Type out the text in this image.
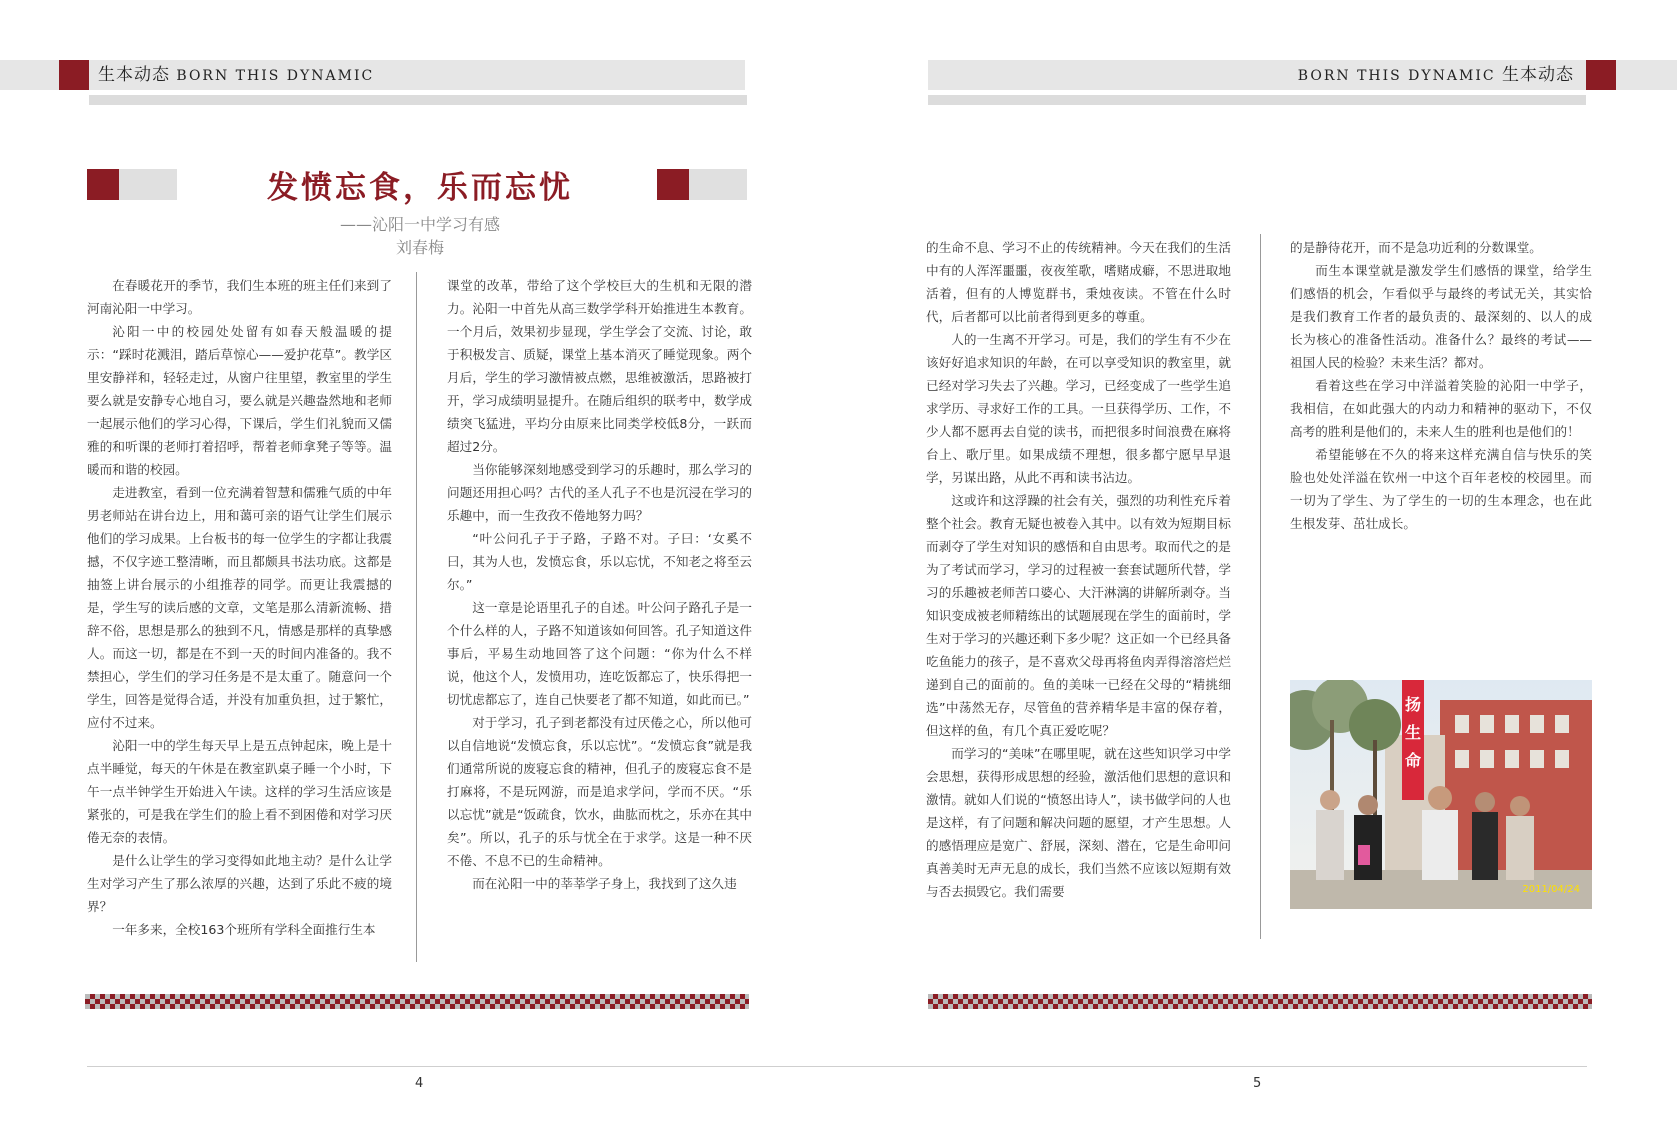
生本动态 BORN THIS DYNAMIC	BORN THIS DYNAMIC 生本动态
发愤忘食，乐而忘忧
——沁阳一中学习有感
刘春梅

在春暖花开的季节，我们生本班的班主任们来到了河南沁阳一中学习。

沁阳一中的校园处处留有如春天般温暖的提示：“踩时花溅泪，踏后草惊心——爱护花草”。教学区里安静祥和，轻轻走过，从窗户往里望，教室里的学生要么就是安静专心地自习，要么就是兴趣盎然地和老师一起展示他们的学习心得，下课后，学生们礼貌而又儒雅的和听课的老师打着招呼，帮着老师拿凳子等等。温暖而和谐的校园。

走进教室，看到一位充满着智慧和儒雅气质的中年男老师站在讲台边上，用和蔼可亲的语气让学生们展示他们的学习成果。上台板书的每一位学生的字都让我震撼，不仅字迹工整清晰，而且都颇具书法功底。这都是抽签上讲台展示的小组推荐的同学。而更让我震撼的是，学生写的读后感的文章，文笔是那么清新流畅、措辞不俗，思想是那么的独到不凡，情感是那样的真挚感人。而这一切，都是在不到一天的时间内准备的。我不禁担心，学生们的学习任务是不是太重了。随意问一个学生，回答是觉得合适，并没有加重负担，过于繁忙，应付不过来。

沁阳一中的学生每天早上是五点钟起床，晚上是十点半睡觉，每天的午休是在教室趴桌子睡一个小时，下午一点半钟学生开始进入午读。这样的学习生活应该是紧张的，可是我在学生们的脸上看不到困倦和对学习厌倦无奈的表情。

是什么让学生的学习变得如此地主动？是什么让学生对学习产生了那么浓厚的兴趣，达到了乐此不疲的境界？

一年多来，全校163个班所有学科全面推行生本

课堂的改革，带给了这个学校巨大的生机和无限的潜力。沁阳一中首先从高三数学学科开始推进生本教育。一个月后，效果初步显现，学生学会了交流、讨论，敢于积极发言、质疑，课堂上基本消灭了睡觉现象。两个月后，学生的学习激情被点燃，思维被激活，思路被打开，学习成绩明显提升。在随后组织的联考中，数学成绩突飞猛进，平均分由原来比同类学校低8分，一跃而超过2分。

当你能够深刻地感受到学习的乐趣时，那么学习的问题还用担心吗？古代的圣人孔子不也是沉浸在学习的乐趣中，而一生孜孜不倦地努力吗？

“叶公问孔子于子路，子路不对。子曰：‘女奚不曰，其为人也，发愤忘食，乐以忘忧，不知老之将至云尔。”

这一章是论语里孔子的自述。叶公问子路孔子是一个什么样的人，子路不知道该如何回答。孔子知道这件事后，平易生动地回答了这个问题：“你为什么不样说，他这个人，发愤用功，连吃饭都忘了，快乐得把一切忧虑都忘了，连自己快要老了都不知道，如此而已。”

对于学习，孔子到老都没有过厌倦之心，所以他可以自信地说“发愤忘食，乐以忘忧”。“发愤忘食”就是我们通常所说的废寝忘食的精神，但孔子的废寝忘食不是打麻将，不是玩网游，而是追求学问，学而不厌。“乐以忘忧”就是“饭疏食，饮水，曲肱而枕之，乐亦在其中矣”。所以，孔子的乐与忧全在于求学。这是一种不厌不倦、不息不已的生命精神。

而在沁阳一中的莘莘学子身上，我找到了这久违

的生命不息、学习不止的传统精神。今天在我们的生活中有的人浑浑噩噩，夜夜笙歌，嗜赌成癖，不思进取地活着，但有的人博览群书，秉烛夜读。不管在什么时代，后者都可以比前者得到更多的尊重。

人的一生离不开学习。可是，我们的学生有不少在该好好追求知识的年龄，在可以享受知识的教室里，就已经对学习失去了兴趣。学习，已经变成了一些学生追求学历、寻求好工作的工具。一旦获得学历、工作，不少人都不愿再去自觉的读书，而把很多时间浪费在麻将台上、歌厅里。如果成绩不理想，很多都宁愿早早退学，另谋出路，从此不再和读书沾边。

这或许和这浮躁的社会有关，强烈的功利性充斥着整个社会。教育无疑也被卷入其中。以有效为短期目标而剥夺了学生对知识的感悟和自由思考。取而代之的是为了考试而学习，学习的过程被一套套试题所代替，学习的乐趣被老师苦口婆心、大汗淋漓的讲解所剥夺。当知识变成被老师精练出的试题展现在学生的面前时，学生对于学习的兴趣还剩下多少呢？这正如一个已经具备吃鱼能力的孩子，是不喜欢父母再将鱼肉弄得溶溶烂烂递到自己的面前的。鱼的美味一已经在父母的“精挑细选”中荡然无存，尽管鱼的营养精华是丰富的保存着，但这样的鱼，有几个真正爱吃呢？

而学习的“美味”在哪里呢，就在这些知识学习中学会思想，获得形成思想的经验，激活他们思想的意识和激情。就如人们说的“愤怒出诗人”，读书做学问的人也是这样，有了问题和解决问题的愿望，才产生思想。人的感悟理应是宽广、舒展，深刻、潜在，它是生命叩问真善美时无声无息的成长，我们当然不应该以短期有效与否去损毁它。我们需要

的是静待花开，而不是急功近利的分数课堂。

而生本课堂就是激发学生们感悟的课堂，给学生们感悟的机会，乍看似乎与最终的考试无关，其实恰是我们教育工作者的最负责的、最深刻的、以人的成长为核心的准备性活动。准备什么？最终的考试——祖国人民的检验？未来生活？都对。

看着这些在学习中洋溢着笑脸的沁阳一中学子，我相信，在如此强大的内动力和精神的驱动下，不仅高考的胜利是他们的，未来人生的胜利也是他们的！

希望能够在不久的将来这样充满自信与快乐的笑脸也处处洋溢在钦州一中这个百年老校的校园里。而一切为了学生、为了学生的一切的生本理念，也在此生根发芽、茁壮成长。

扬
生
命
2011/04/24
4	5
